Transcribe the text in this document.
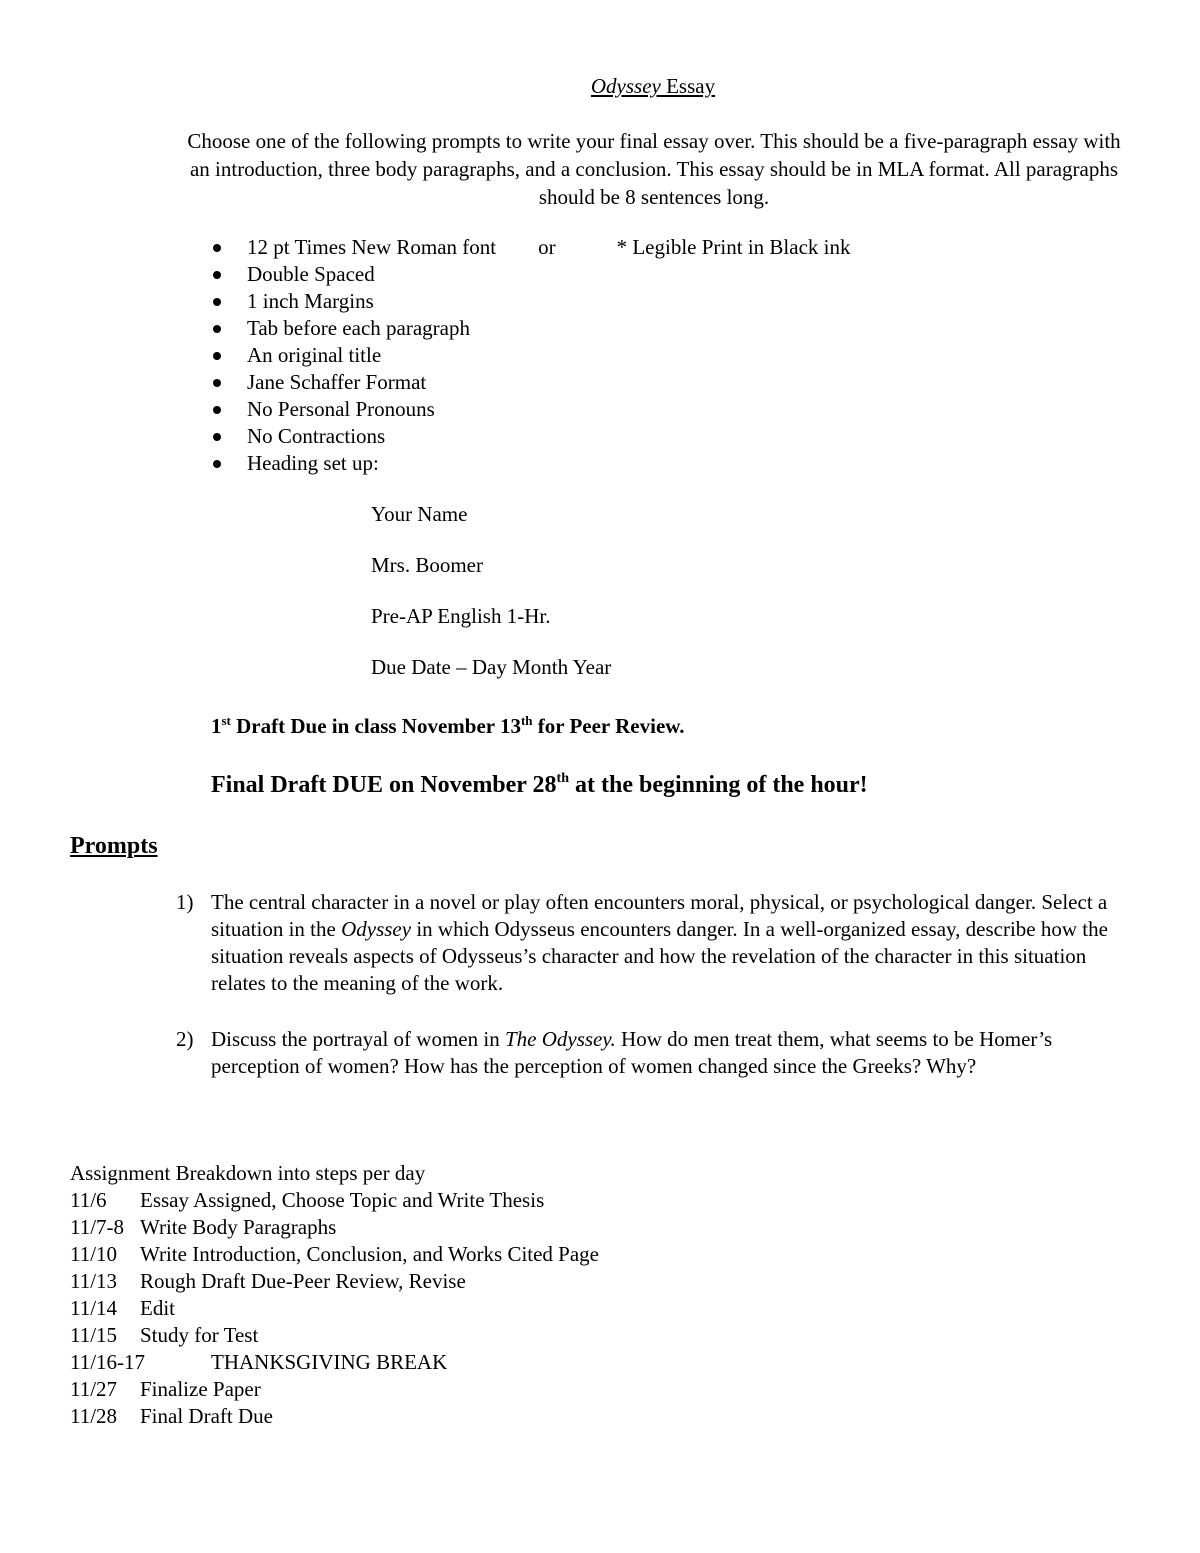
Odyssey Essay
Choose one of the following prompts to write your final essay over. This should be a five-paragraph essay with an introduction, three body paragraphs, and a conclusion. This essay should be in MLA format. All paragraphs should be 8 sentences long.
12 pt Times New Roman font or	* Legible Print in Black ink
Double Spaced
1 inch Margins
Tab before each paragraph
An original title
Jane Schaffer Format
No Personal Pronouns
No Contractions
Heading set up:
Your Name
Mrs. Boomer
Pre-AP English 1-Hr.
Due Date – Day Month Year
1st Draft Due in class November 13th for Peer Review.
Final Draft DUE on November 28th at the beginning of the hour!
Prompts
1) The central character in a novel or play often encounters moral, physical, or psychological danger. Select a situation in the Odyssey in which Odysseus encounters danger. In a well-organized essay, describe how the situation reveals aspects of Odysseus’s character and how the revelation of the character in this situation relates to the meaning of the work.
2) Discuss the portrayal of women in The Odyssey. How do men treat them, what seems to be Homer’s perception of women? How has the perception of women changed since the Greeks? Why?
Assignment Breakdown into steps per day
11/6 Essay Assigned, Choose Topic and Write Thesis
11/7-8 Write Body Paragraphs
11/10 Write Introduction, Conclusion, and Works Cited Page
11/13 Rough Draft Due-Peer Review, Revise
11/14 Edit
11/15 Study for Test
11/16-17	THANKSGIVING BREAK
11/27 Finalize Paper
11/28 Final Draft Due
